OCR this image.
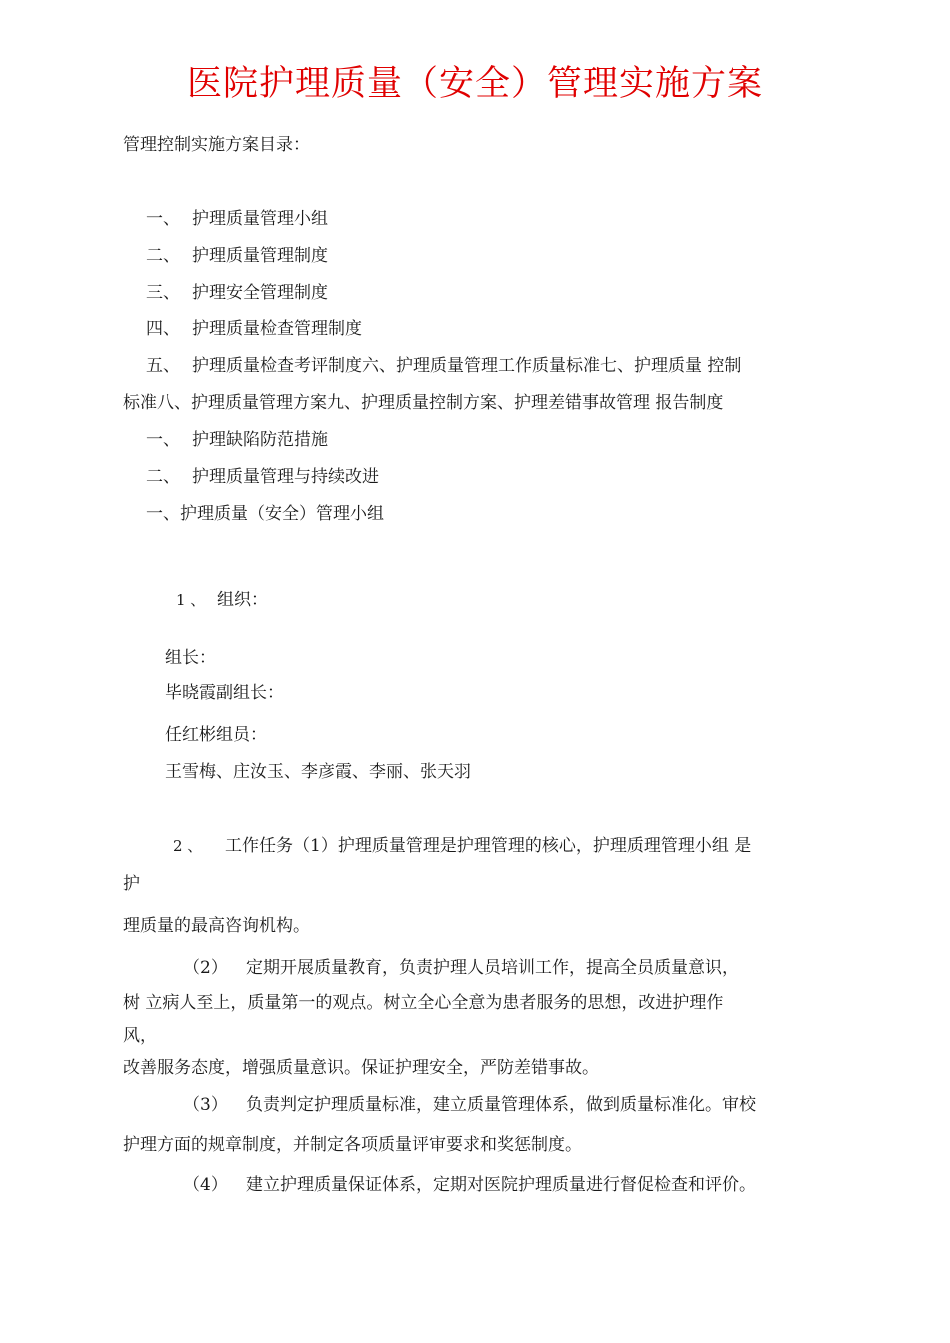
医院护理质量（安全）管理实施方案
管理控制实施方案目录：
一、 护理质量管理小组
二、 护理质量管理制度
三、 护理安全管理制度
四、 护理质量检查管理制度
五、 护理质量检查考评制度六、护理质量管理工作质量标准七、护理质量 控制
标准八、护理质量管理方案九、护理质量控制方案、护理差错事故管理 报告制度
一、 护理缺陷防范措施
二、 护理质量管理与持续改进
一、护理质量（安全）管理小组
1 、 组织：
组长：
毕晓霞副组长：
任红彬组员：
王雪梅、庄汝玉、李彦霞、李丽、张天羽
2 、 工作任务（1）护理质量管理是护理管理的核心，护理质理管理小组 是
护
理质量的最高咨询机构。
（2） 定期开展质量教育，负责护理人员培训工作，提高全员质量意识，
树 立病人至上，质量第一的观点。树立全心全意为患者服务的思想，改进护理作
风，
改善服务态度，增强质量意识。保证护理安全，严防差错事故。
（3） 负责判定护理质量标准，建立质量管理体系，做到质量标准化。审校
护理方面的规章制度，并制定各项质量评审要求和奖惩制度。
（4） 建立护理质量保证体系，定期对医院护理质量进行督促检查和评价。
